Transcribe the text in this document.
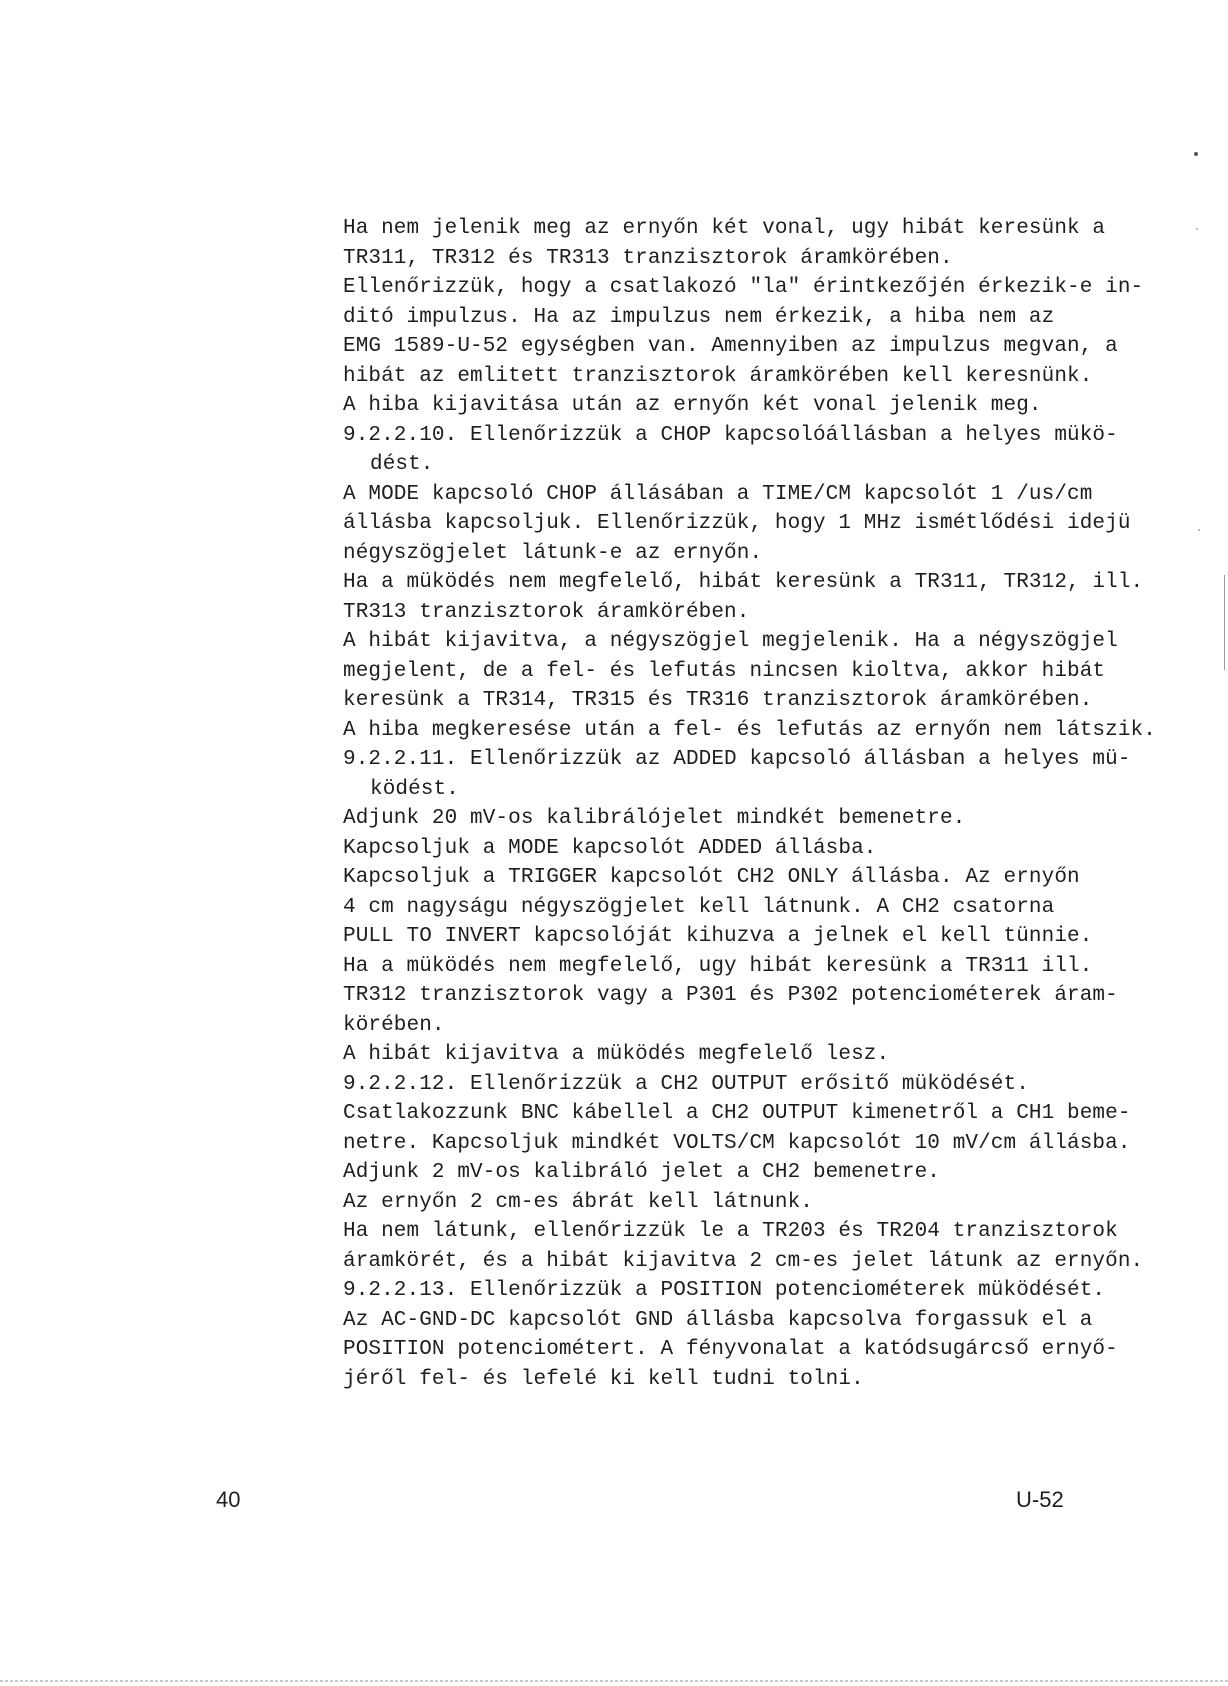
Ha nem jelenik meg az ernyőn két vonal, ugy hibát keresünk a
TR311, TR312 és TR313 tranzisztorok áramkörében.
Ellenőrizzük, hogy a csatlakozó "la" érintkezőjén érkezik-e in-
ditó impulzus. Ha az impulzus nem érkezik, a hiba nem az
EMG 1589-U-52 egységben van. Amennyiben az impulzus megvan, a
hibát az emlitett tranzisztorok áramkörében kell keresnünk.
A hiba kijavitása után az ernyőn két vonal jelenik meg.
9.2.2.10. Ellenőrizzük a CHOP kapcsolóállásban a helyes mükö-
dést.
A MODE kapcsoló CHOP állásában a TIME/CM kapcsolót 1 /us/cm
állásba kapcsoljuk. Ellenőrizzük, hogy 1 MHz ismétlődési idejü
négyszögjelet látunk-e az ernyőn.
Ha a müködés nem megfelelő, hibát keresünk a TR311, TR312, ill.
TR313 tranzisztorok áramkörében.
A hibát kijavitva, a négyszögjel megjelenik. Ha a négyszögjel
megjelent, de a fel- és lefutás nincsen kioltva, akkor hibát
keresünk a TR314, TR315 és TR316 tranzisztorok áramkörében.
A hiba megkeresése után a fel- és lefutás az ernyőn nem látszik.
9.2.2.11. Ellenőrizzük az ADDED kapcsoló állásban a helyes mü-
ködést.
Adjunk 20 mV-os kalibrálójelet mindkét bemenetre.
Kapcsoljuk a MODE kapcsolót ADDED állásba.
Kapcsoljuk a TRIGGER kapcsolót CH2 ONLY állásba. Az ernyőn
4 cm nagyságu négyszögjelet kell látnunk. A CH2 csatorna
PULL TO INVERT kapcsolóját kihuzva a jelnek el kell tünnie.
Ha a müködés nem megfelelő, ugy hibát keresünk a TR311 ill.
TR312 tranzisztorok vagy a P301 és P302 potenciométerek áram-
körében.
A hibát kijavitva a müködés megfelelő lesz.
9.2.2.12. Ellenőrizzük a CH2 OUTPUT erősitő müködését.
Csatlakozzunk BNC kábellel a CH2 OUTPUT kimenetről a CH1 beme-
netre. Kapcsoljuk mindkét VOLTS/CM kapcsolót 10 mV/cm állásba.
Adjunk 2 mV-os kalibráló jelet a CH2 bemenetre.
Az ernyőn 2 cm-es ábrát kell látnunk.
Ha nem látunk, ellenőrizzük le a TR203 és TR204 tranzisztorok
áramkörét, és a hibát kijavitva 2 cm-es jelet látunk az ernyőn.
9.2.2.13. Ellenőrizzük a POSITION potenciométerek müködését.
Az AC-GND-DC kapcsolót GND állásba kapcsolva forgassuk el a
POSITION potenciométert. A fényvonalat a katódsugárcső ernyő-
jéről fel- és lefelé ki kell tudni tolni.
40	U-52
